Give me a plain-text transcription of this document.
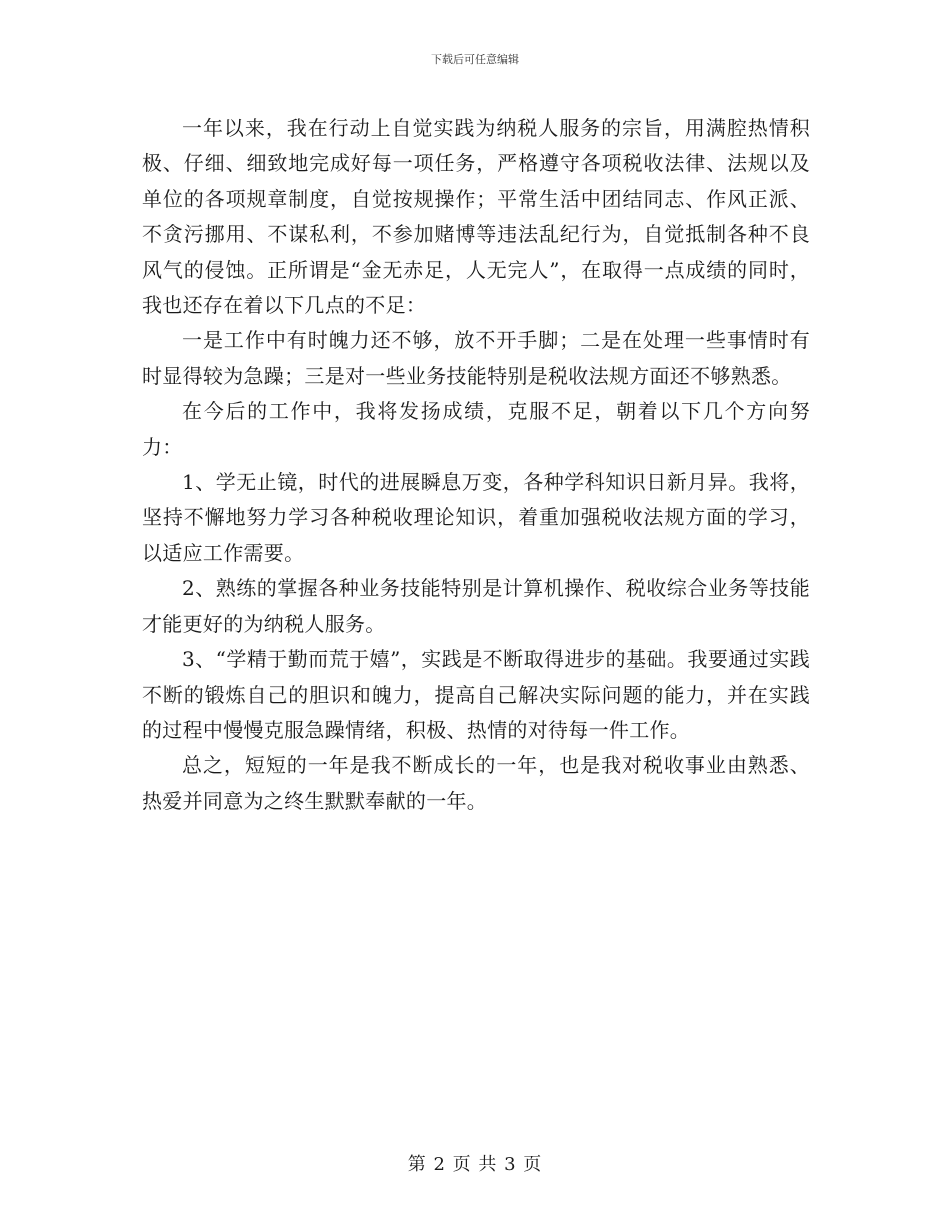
下载后可任意编辑

一年以来，我在行动上自觉实践为纳税人服务的宗旨，用满腔热情积极、仔细、细致地完成好每一项任务，严格遵守各项税收法律、法规以及单位的各项规章制度，自觉按规操作；平常生活中团结同志、作风正派、不贪污挪用、不谋私利，不参加赌博等违法乱纪行为，自觉抵制各种不良风气的侵蚀。正所谓是“金无赤足，人无完人”，在取得一点成绩的同时，我也还存在着以下几点的不足：

一是工作中有时魄力还不够，放不开手脚；二是在处理一些事情时有时显得较为急躁；三是对一些业务技能特别是税收法规方面还不够熟悉。

在今后的工作中，我将发扬成绩，克服不足，朝着以下几个方向努力：

1、学无止镜，时代的进展瞬息万变，各种学科知识日新月异。我将，坚持不懈地努力学习各种税收理论知识，着重加强税收法规方面的学习，以适应工作需要。

2、熟练的掌握各种业务技能特别是计算机操作、税收综合业务等技能才能更好的为纳税人服务。

3、“学精于勤而荒于嬉”，实践是不断取得进步的基础。我要通过实践不断的锻炼自己的胆识和魄力，提高自己解决实际问题的能力，并在实践的过程中慢慢克服急躁情绪，积极、热情的对待每一件工作。

总之，短短的一年是我不断成长的一年，也是我对税收事业由熟悉、热爱并同意为之终生默默奉献的一年。

第 2 页 共 3 页
